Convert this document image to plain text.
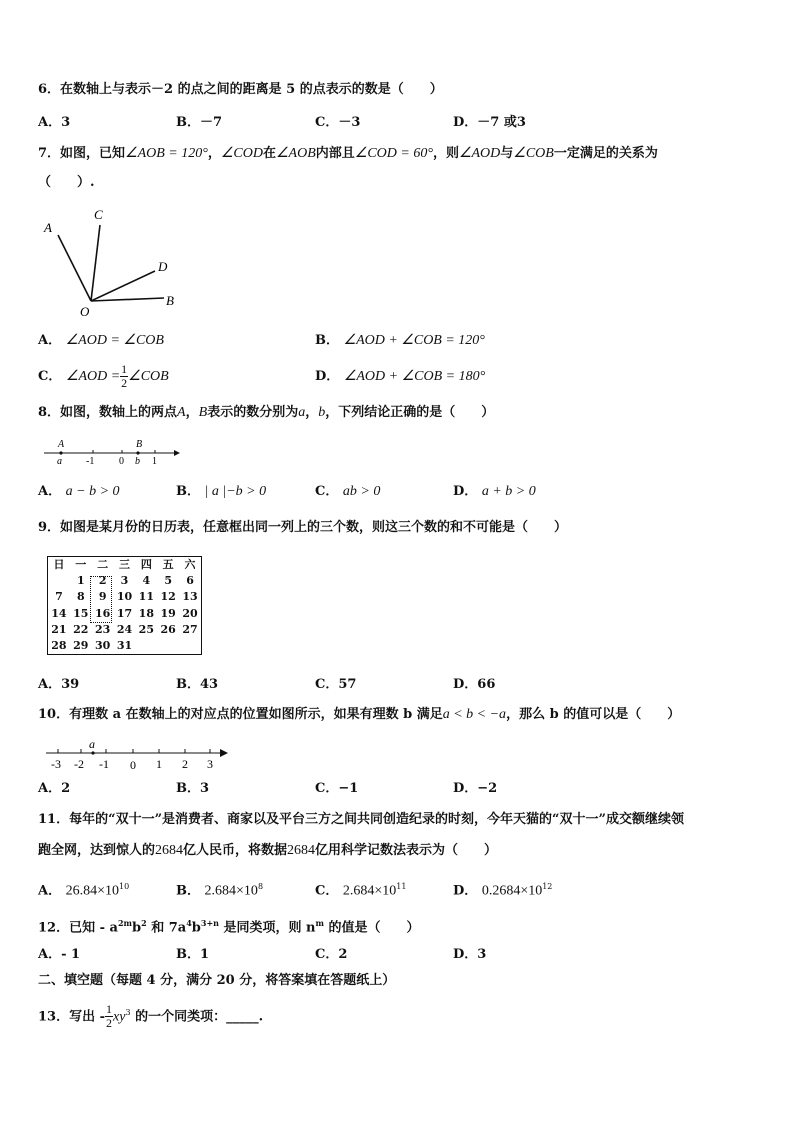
6．在数轴上与表示－2 的点之间的距离是 5 的点表示的数是（　　）
A．3	B．－7	C．－3	D．－7 或3
7．如图，已知∠AOB = 120°，∠COD在∠AOB内部且∠COD = 60°，则∠AOD与∠COB一定满足的关系为
（　　）.
A
C
D
O
B
A． ∠AOD = ∠COB	B． ∠AOD + ∠COB = 120°
C． ∠AOD = $\frac{1}{2}$ ∠COB	D． ∠AOD + ∠COB = 180°
8．如图，数轴上的两点A，B表示的数分别为a，b，下列结论正确的是（　　）
A	B
a -1 0 b 1
A． a − b > 0	B． | a |−b > 0	C． ab > 0	D． a + b > 0
9．如图是某月份的日历表，任意框出同一列上的三个数，则这三个数的和不可能是（　　）
日	一	二	三	四	五	六
	1	2	3	4	5	6
7	8	9	10	11	12	13
14	15	16	17	18	19	20
21	22	23	24	25	26	27
28	29	30	31			
A．39	B．43	C．57	D．66
10．有理数 a 在数轴上的对应点的位置如图所示，如果有理数 b 满足a < b < −a，那么 b 的值可以是（　　）
a
-3 -2 -1 0 1 2 3
A．2	B．3	C．−1	D．−2
11．每年的“双十一”是消费者、商家以及平台三方之间共同创造纪录的时刻，今年天猫的“双十一”成交额继续领
跑全网，达到惊人的2684亿人民币，将数据2684亿用科学记数法表示为（　　）
A． $26.84\times 10^{10}$	B． $2.684\times 10^8$	C． $2.684\times 10^{11}$	D． $0.2684\times 10^{12}$
12．已知 - $a^{2m}b^2$ 和 $7a^4b^{3+n}$ 是同类项，则 $n^m$ 的值是（　　）
A．- 1	B．1	C．2	D．3
二、填空题（每题 4 分，满分 20 分，将答案填在答题纸上）
13．写出 - $\frac{1}{2} xy^3$ 的一个同类项：_____.
